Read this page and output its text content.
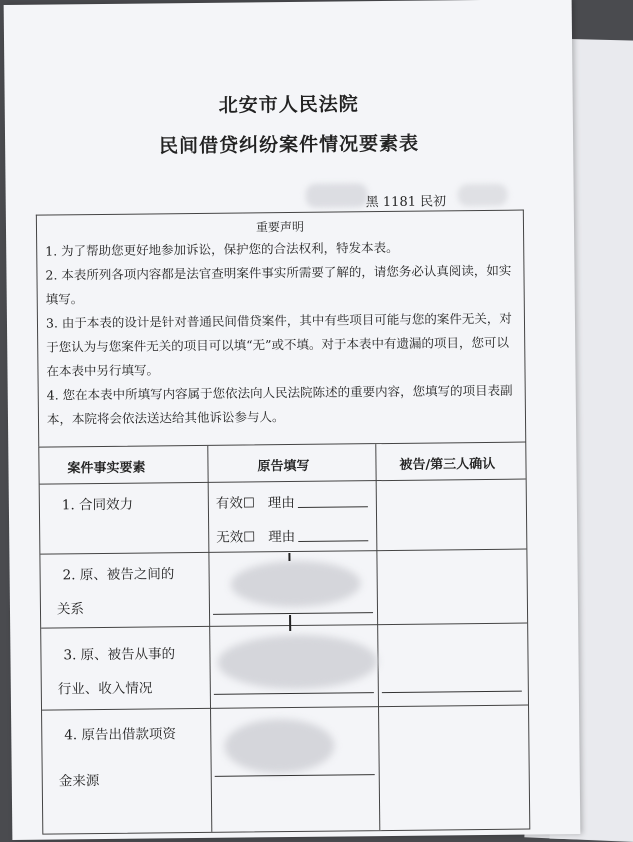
北安市人民法院
民间借贷纠纷案件情况要素表
黑 1181 民初
重要声明

1. 为了帮助您更好地参加诉讼，保护您的合法权利，特发本表。

2. 本表所列各项内容都是法官查明案件事实所需要了解的，请您务必认真阅读，如实填写。

3. 由于本表的设计是针对普通民间借贷案件，其中有些项目可能与您的案件无关，对于您认为与您案件无关的项目可以填“无”或不填。对于本表中有遗漏的项目，您可以在本表中另行填写。

4. 您在本表中所填写内容属于您依法向人民法院陈述的重要内容，您填写的项目表副本，本院将会依法送达给其他诉讼参与人。

案件事实要素	原告填写	被告/第三人确认
1. 合同效力	有效☐ 理由
无效☐ 理由
2. 原、被告之间的
关系
3. 原、被告从事的
行业、收入情况
4. 原告出借款项资
金来源
